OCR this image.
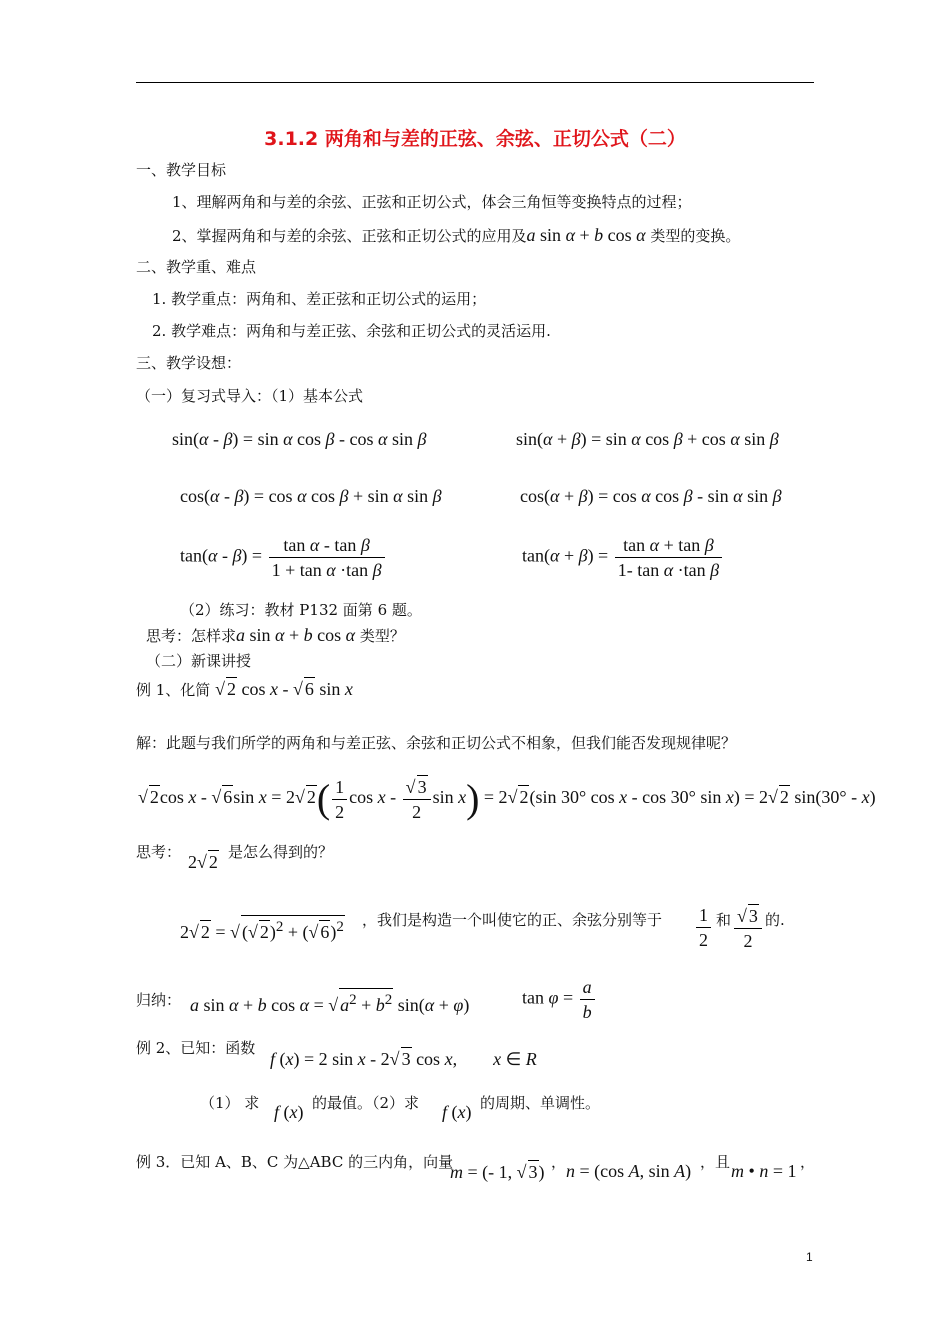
3.1.2 两角和与差的正弦、余弦、正切公式（二）
一、教学目标
1、理解两角和与差的余弦、正弦和正切公式，体会三角恒等变换特点的过程；
2、掌握两角和与差的余弦、正弦和正切公式的应用及a sin α + b cos α 类型的变换。
二、教学重、难点
1. 教学重点：两角和、差正弦和正切公式的运用；
2. 教学难点：两角和与差正弦、余弦和正切公式的灵活运用.
三、教学设想：
（一）复习式导入：（1）基本公式
sin(α - β) = sin α cos β - cos α sin β	sin(α + β) = sin α cos β + cos α sin β
cos(α - β) = cos α cos β + sin α sin β	cos(α + β) = cos α cos β - sin α sin β
$\tan(\alpha - \beta) = \frac{\text{tan α - tan β}}{\text{1 + tan α ·tan β}}$	$\tan(\alpha + \beta) = \frac{\text{tan α + tan β}}{\text{1- tan α ·tan β}}$
（2）练习：教材 P132 面第 6 题。
思考：怎样求a sin α + b cos α 类型？
（二）新课讲授
例 1、化简 √ 2 cos x - √ 6 sin x
解：此题与我们所学的两角和与差正弦、余弦和正切公式不相象，但我们能否发现规律呢？
√ 2cos x - √ 6sin x = 2√ $2( \frac{1}{2}$ cos x - $\frac{√ 3}{2}$ sin x) = 2√ 2(sin 30° cos x - cos 30° sin x) = 2√ 2 sin(30° - x)
思考： 2√ 2 是怎么得到的？
2√ 2 = √ (√ 2)$^2$ + (√ 6)$^2$ ，我们是构造一个叫使它的正、余弦分别等于 $\frac{1}{2}$ 和 $\frac{√ 3}{2}$ 的.
归纳： a sin α + b cos α = √ $a^2 + b^2$ sin(α + φ)	$\tan \varphi = \frac{a}{b}$
例 2、已知：函数
f (x) = 2 sin x - 2√ 3 cos x,        x ∈ R
（1） 求 f (x) 的最值。（2）求 f (x) 的周期、单调性。
例 3．已知 A、B、C 为△ABC 的三内角，向量
m = (- 1, √ 3) ， n = (cos A, sin A) ，且 m • n = 1 ，
1
